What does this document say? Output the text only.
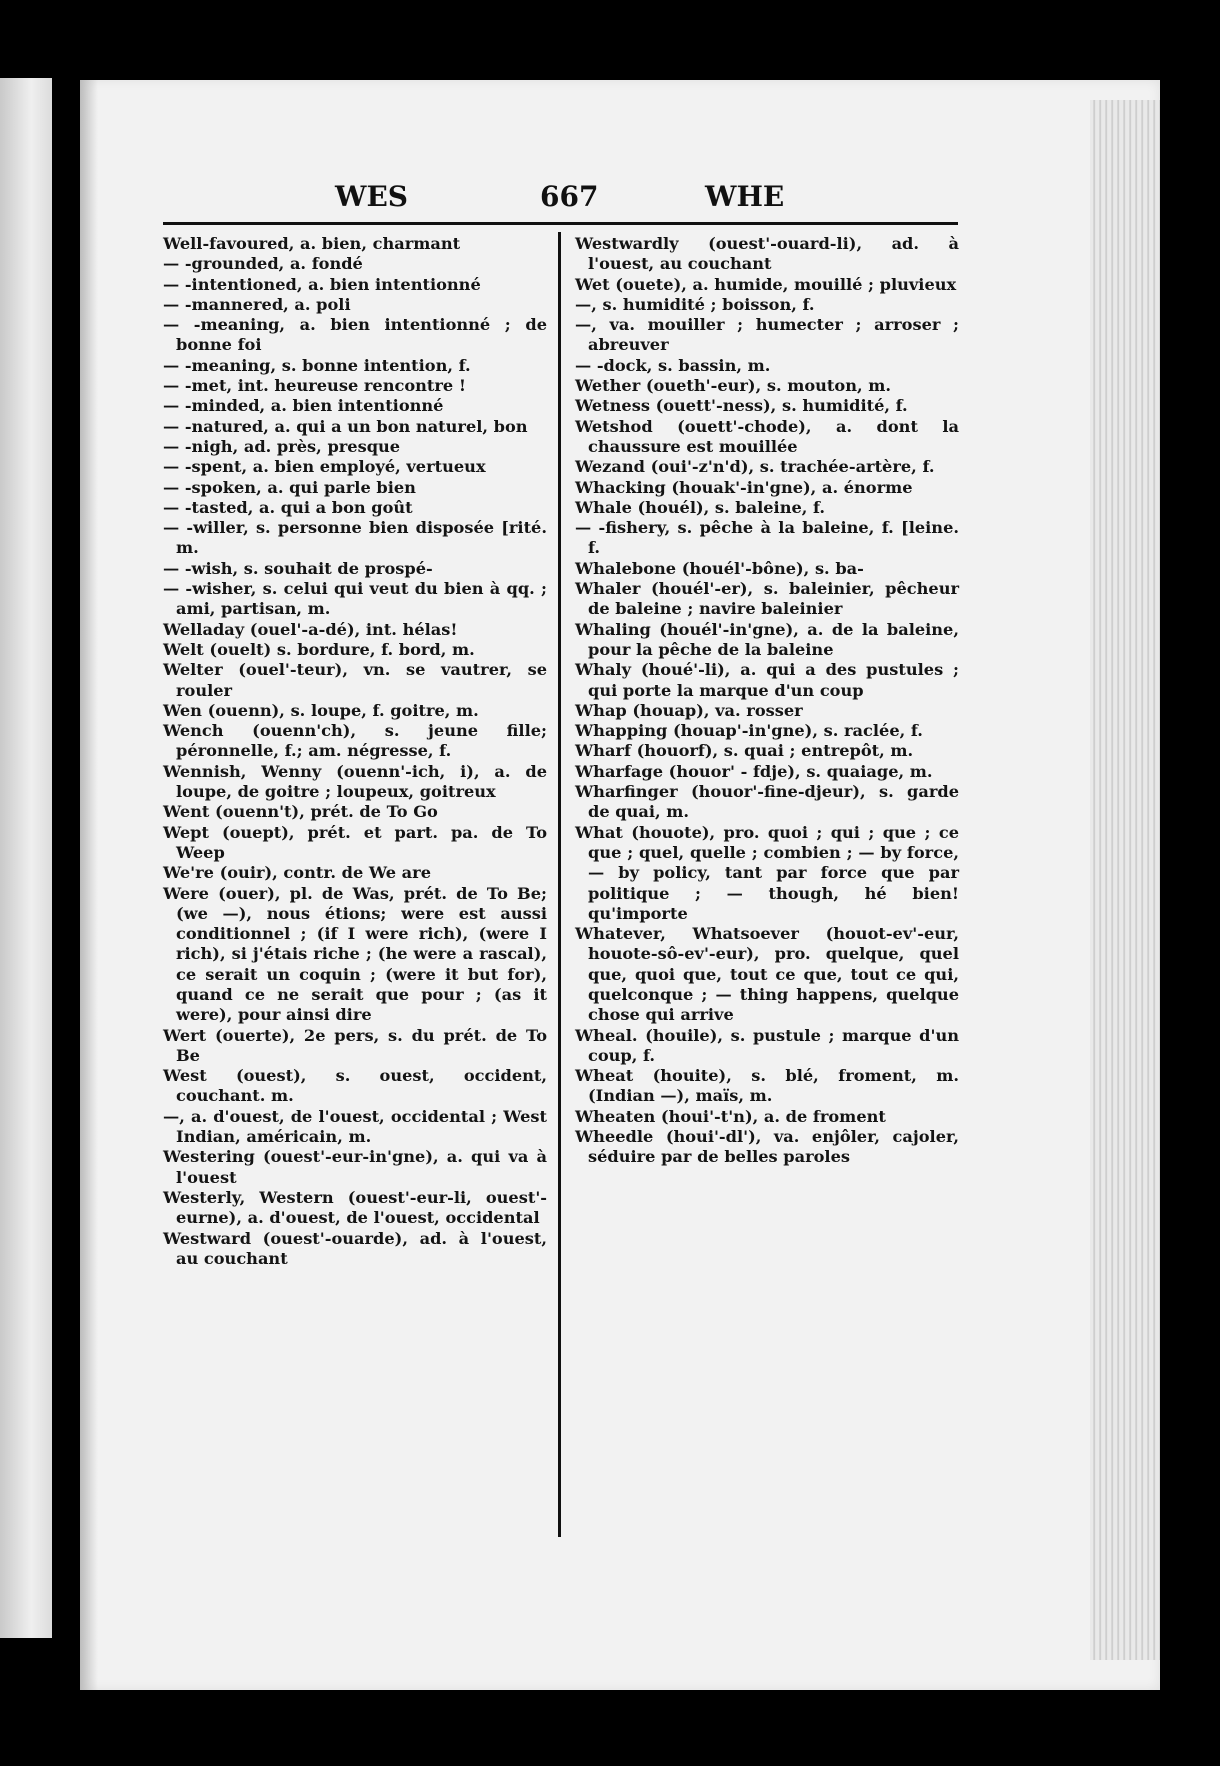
WES	667	WHE

Well-favoured, a. bien, charmant

— -grounded, a. fondé

— -intentioned, a. bien intentionné

— -mannered, a. poli

— -meaning, a. bien intentionné ; de bonne foi

— -meaning, s. bonne intention, f.

— -met, int. heureuse rencontre !

— -minded, a. bien intentionné

— -natured, a. qui a un bon naturel, bon

— -nigh, ad. près, presque

— -spent, a. bien employé, vertueux

— -spoken, a. qui parle bien

— -tasted, a. qui a bon goût

— -willer, s. personne bien disposée [rité. m.

— -wish, s. souhait de prospé-

— -wisher, s. celui qui veut du bien à qq. ; ami, partisan, m.

Welladay (ouel'-a-dé), int. hélas!

Welt (ouelt) s. bordure, f. bord, m.

Welter (ouel'-teur), vn. se vautrer, se rouler

Wen (ouenn), s. loupe, f. goitre, m.

Wench (ouenn'ch), s. jeune fille; péronnelle, f.; am. négresse, f.

Wennish, Wenny (ouenn'-ich, i), a. de loupe, de goitre ; loupeux, goitreux

Went (ouenn't), prét. de To Go

Wept (ouept), prét. et part. pa. de To Weep

We're (ouir), contr. de We are

Were (ouer), pl. de Was, prét. de To Be; (we —), nous étions; were est aussi conditionnel ; (if I were rich), (were I rich), si j'étais riche ; (he were a rascal), ce serait un coquin ; (were it but for), quand ce ne serait que pour ; (as it were), pour ainsi dire

Wert (ouerte), 2e pers, s. du prét. de To Be

West (ouest), s. ouest, occident, couchant. m.

—, a. d'ouest, de l'ouest, occidental ; West Indian, américain, m.

Westering (ouest'-eur-in'gne), a. qui va à l'ouest

Westerly, Western (ouest'-eur-li, ouest'-eurne), a. d'ouest, de l'ouest, occidental

Westward (ouest'-ouarde), ad. à l'ouest, au couchant

Westwardly (ouest'-ouard-li), ad. à l'ouest, au couchant

Wet (ouete), a. humide, mouillé ; pluvieux

—, s. humidité ; boisson, f.

—, va. mouiller ; humecter ; arroser ; abreuver

— -dock, s. bassin, m.

Wether (oueth'-eur), s. mouton, m.

Wetness (ouett'-ness), s. humidité, f.

Wetshod (ouett'-chode), a. dont la chaussure est mouillée

Wezand (oui'-z'n'd), s. trachée-artère, f.

Whacking (houak'-in'gne), a. énorme

Whale (houél), s. baleine, f.

— -fishery, s. pêche à la baleine, f. [leine. f.

Whalebone (houél'-bône), s. ba-

Whaler (houél'-er), s. baleinier, pêcheur de baleine ; navire baleinier

Whaling (houél'-in'gne), a. de la baleine, pour la pêche de la baleine

Whaly (houé'-li), a. qui a des pustules ; qui porte la marque d'un coup

Whap (houap), va. rosser

Whapping (houap'-in'gne), s. raclée, f.

Wharf (houorf), s. quai ; entrepôt, m.

Wharfage (houor' - fdje), s. quaiage, m.

Wharfinger (houor'-fine-djeur), s. garde de quai, m.

What (houote), pro. quoi ; qui ; que ; ce que ; quel, quelle ; combien ; — by force, — by policy, tant par force que par politique ; — though, hé bien! qu'importe

Whatever, Whatsoever (houot-ev'-eur, houote-sô-ev'-eur), pro. quelque, quel que, quoi que, tout ce que, tout ce qui, quelconque ; — thing happens, quelque chose qui arrive

Wheal. (houile), s. pustule ; marque d'un coup, f.

Wheat (houite), s. blé, froment, m. (Indian —), maïs, m.

Wheaten (houi'-t'n), a. de froment

Wheedle (houi'-dl'), va. enjôler, cajoler, séduire par de belles paroles
